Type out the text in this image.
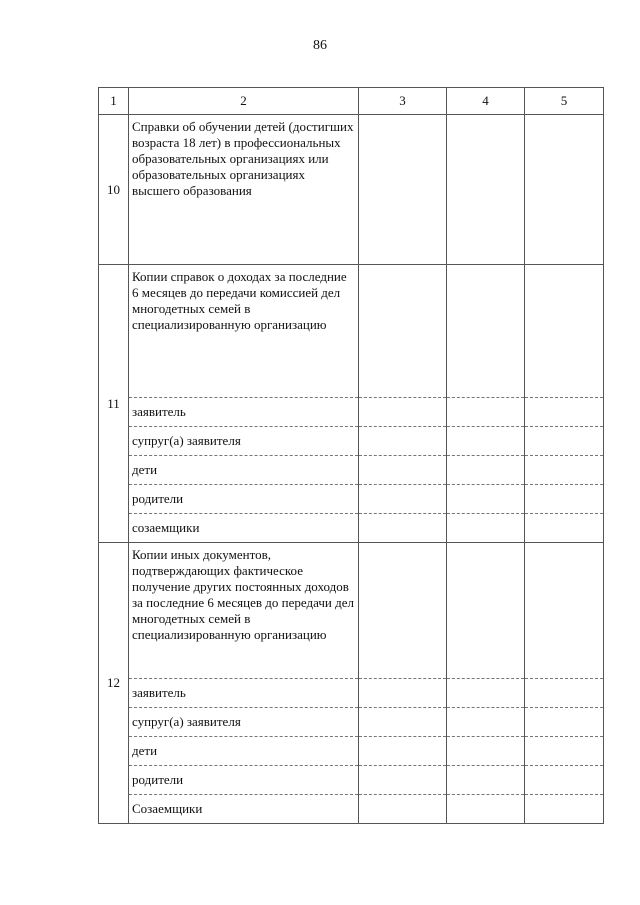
86
1	2	3	4	5
10	Справки об обучении детей (достигших возраста 18 лет) в профессиональных образовательных организациях или образовательных организациях высшего образования			
11	Копии справок о доходах за последние 6 месяцев до передачи комиссией дел многодетных семей в специализированную организацию			
	заявитель			
	супруг(а) заявителя			
	дети			
	родители			
	созаемщики			
12	Копии иных документов, подтверждающих фактическое получение других постоянных доходов за последние 6 месяцев до передачи дел многодетных семей в специализированную организацию			
	заявитель			
	супруг(а) заявителя			
	дети			
	родители			
	Созаемщики			
